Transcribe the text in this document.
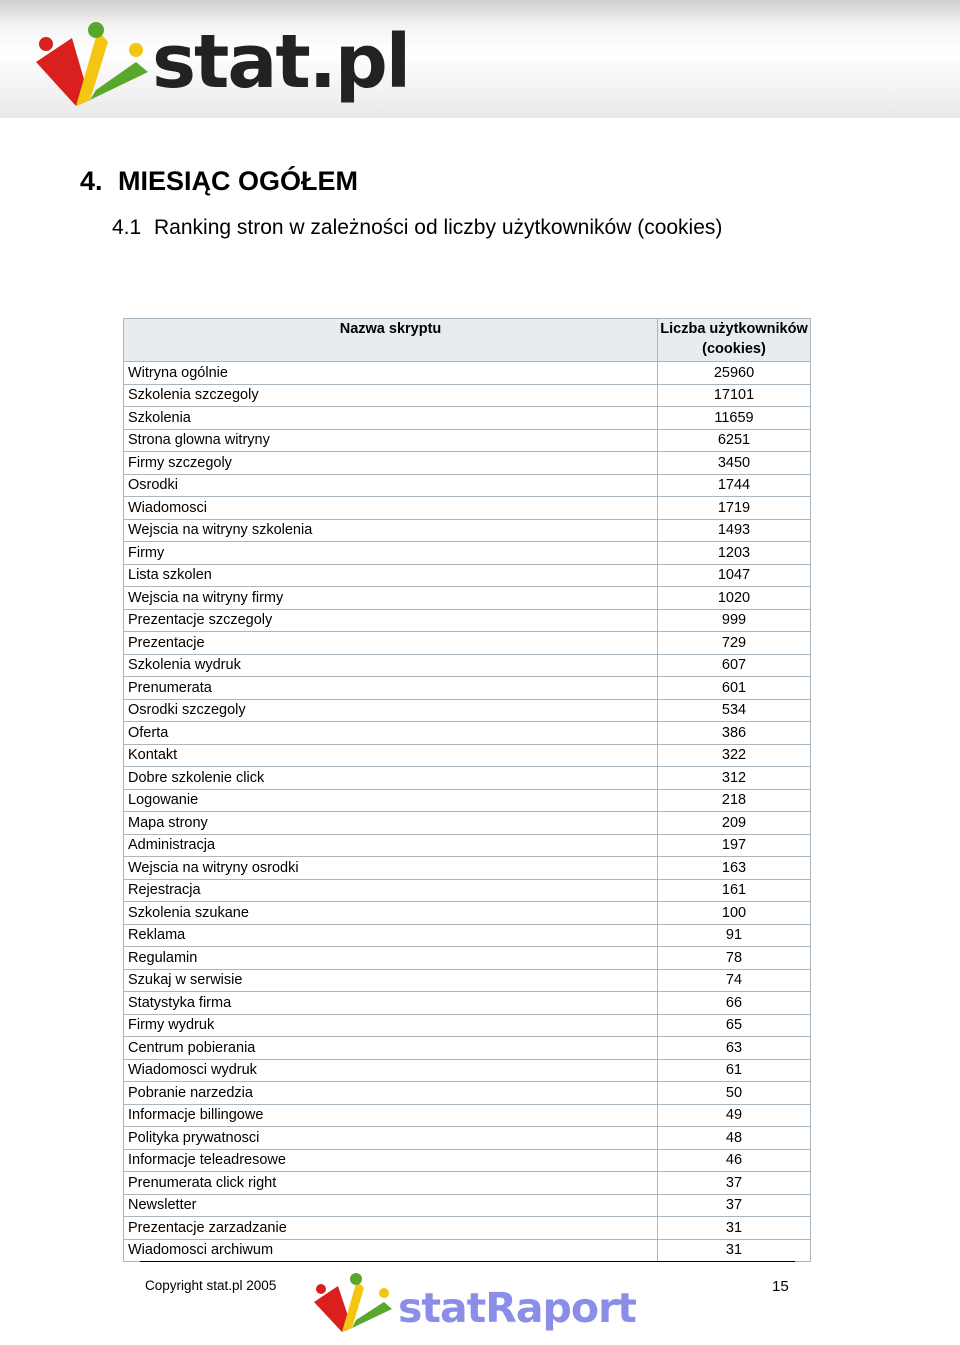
stat.pl
4. MIESIĄC OGÓŁEM
4.1 Ranking stron w zależności od liczby użytkowników (cookies)
Nazwa skryptu	Liczba użytkowników (cookies)
Witryna ogólnie	25960
Szkolenia szczegoly	17101
Szkolenia	11659
Strona glowna witryny	6251
Firmy szczegoly	3450
Osrodki	1744
Wiadomosci	1719
Wejscia na witryny szkolenia	1493
Firmy	1203
Lista szkolen	1047
Wejscia na witryny firmy	1020
Prezentacje szczegoly	999
Prezentacje	729
Szkolenia wydruk	607
Prenumerata	601
Osrodki szczegoly	534
Oferta	386
Kontakt	322
Dobre szkolenie click	312
Logowanie	218
Mapa strony	209
Administracja	197
Wejscia na witryny osrodki	163
Rejestracja	161
Szkolenia szukane	100
Reklama	91
Regulamin	78
Szukaj w serwisie	74
Statystyka firma	66
Firmy wydruk	65
Centrum pobierania	63
Wiadomosci wydruk	61
Pobranie narzedzia	50
Informacje billingowe	49
Polityka prywatnosci	48
Informacje teleadresowe	46
Prenumerata click right	37
Newsletter	37
Prezentacje zarzadzanie	31
Wiadomosci archiwum	31
Copyright stat.pl 2005	statRaport	15
